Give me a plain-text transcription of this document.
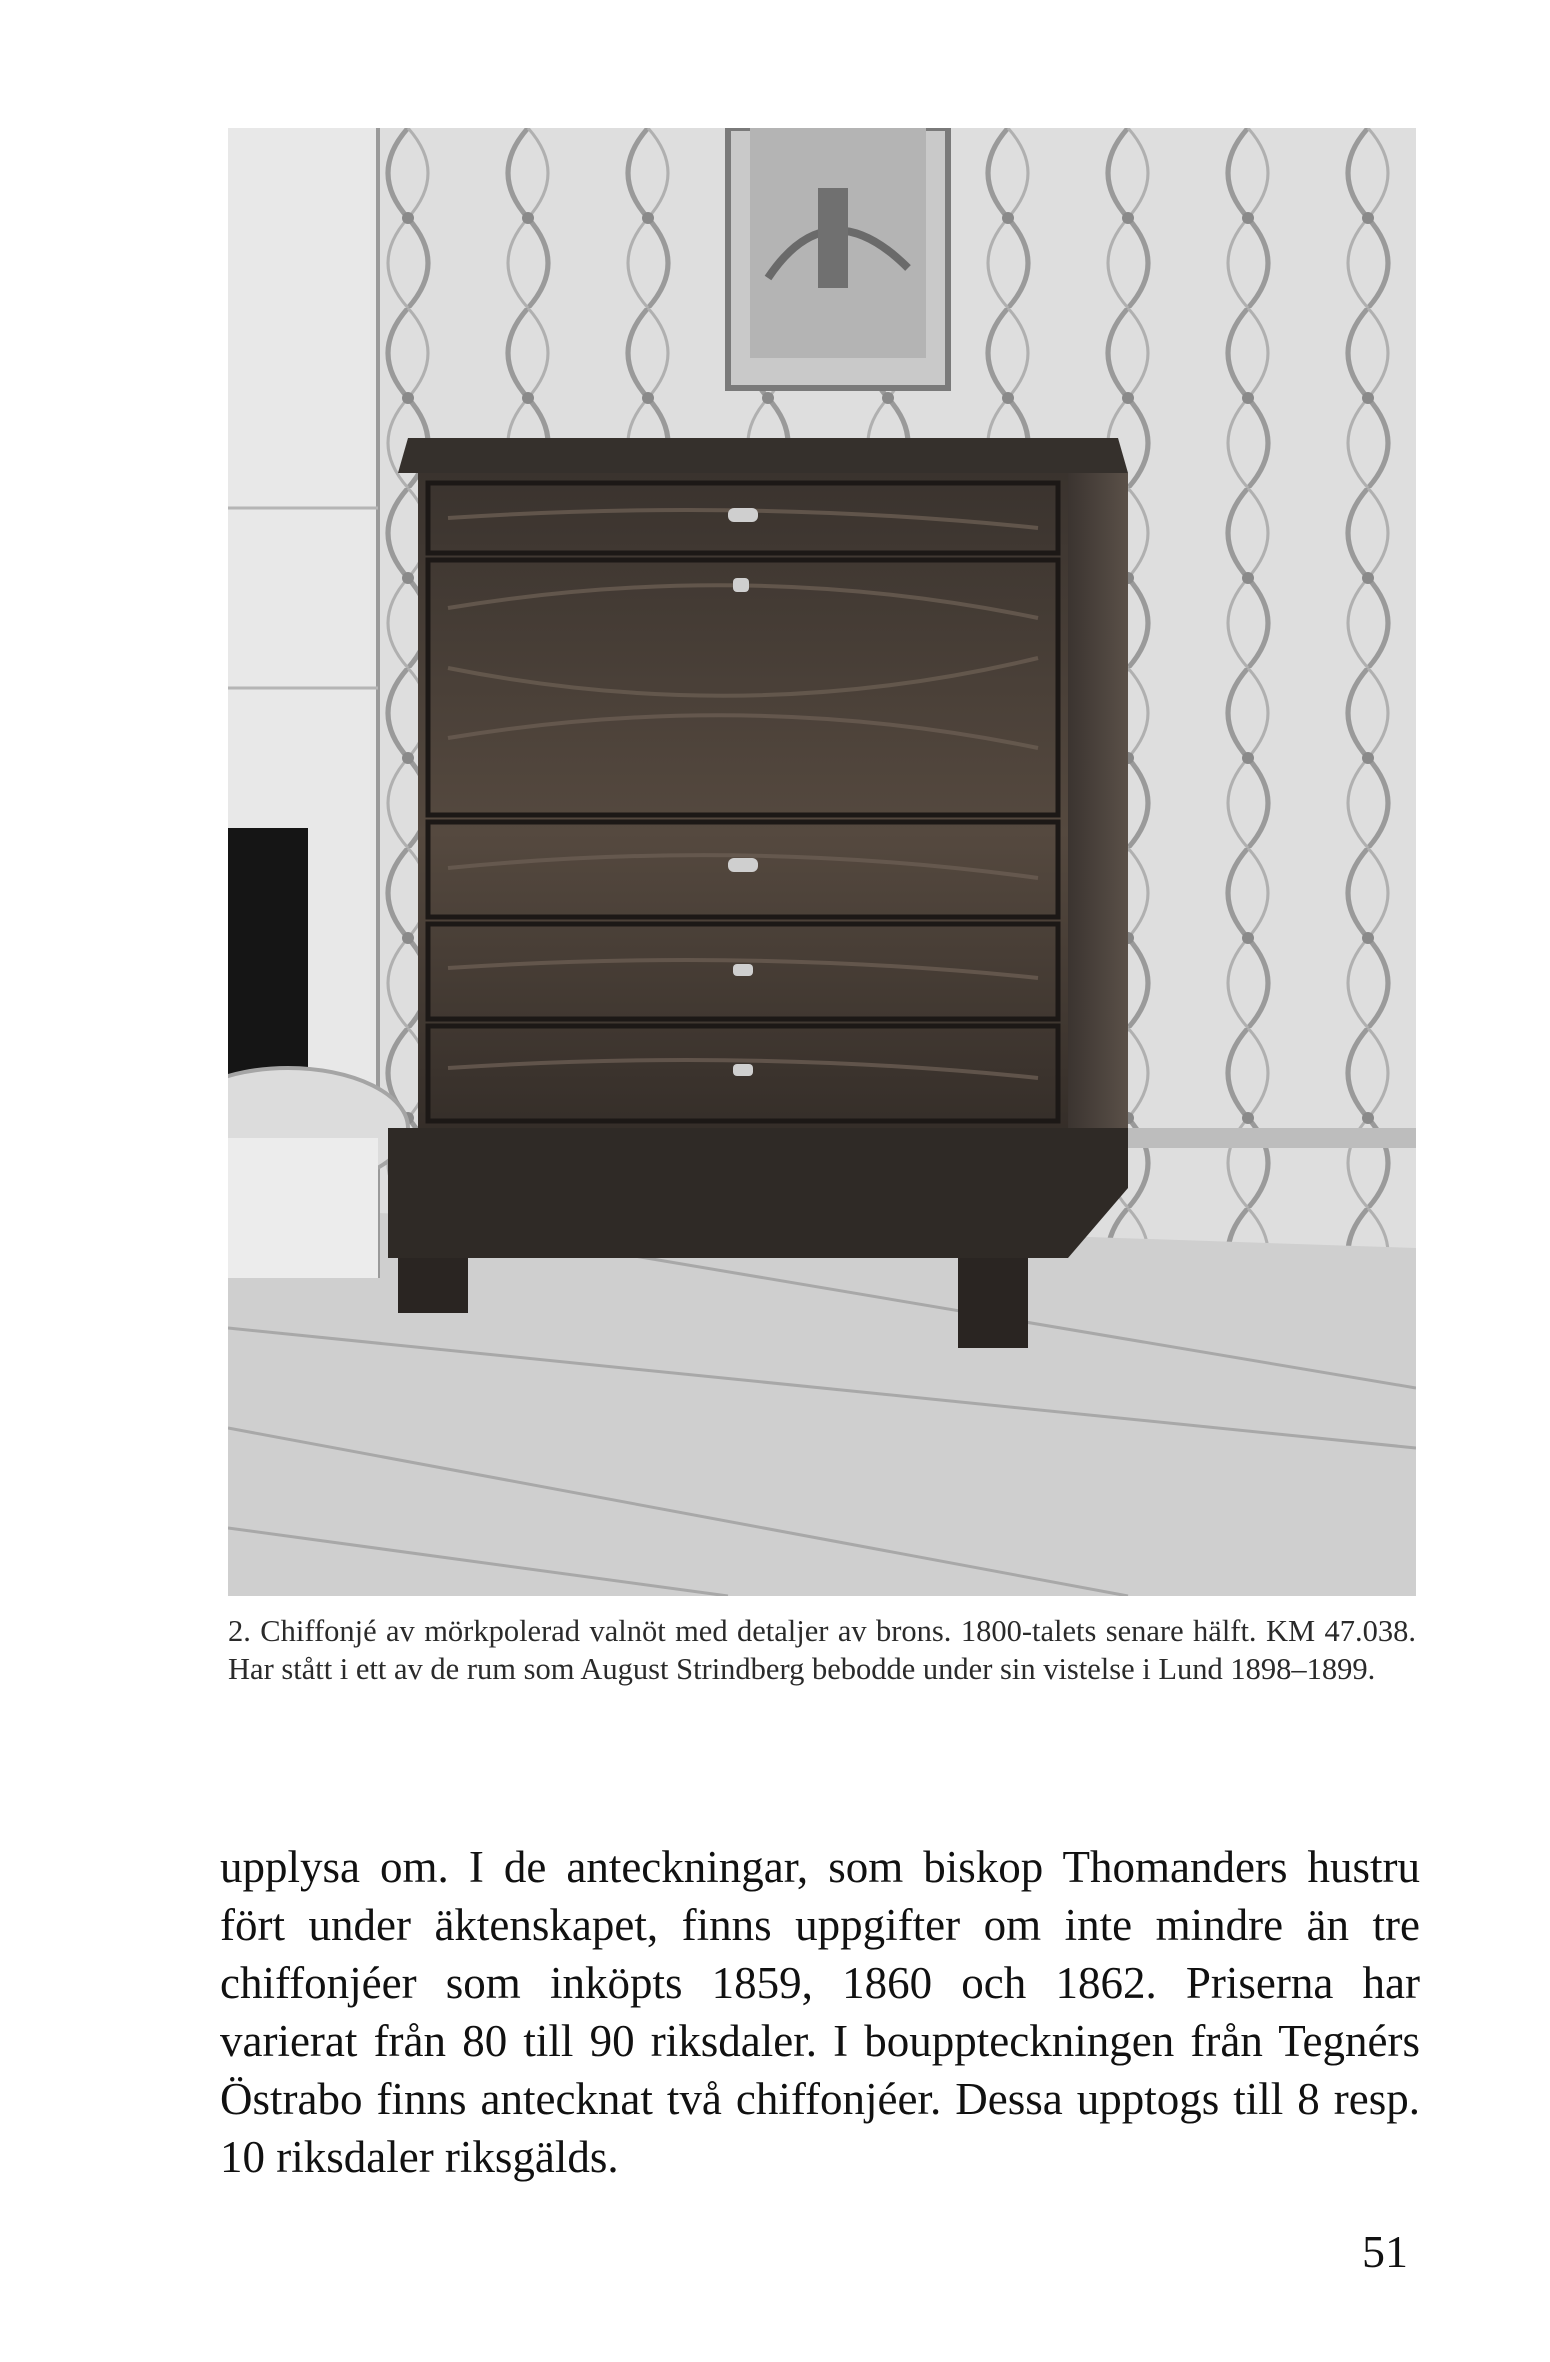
2. Chiffonjé av mörkpolerad valnöt med detaljer av brons. 1800-talets senare hälft. KM 47.038. Har stått i ett av de rum som August Strindberg bebodde under sin vistelse i Lund 1898–1899.

upplysa om. I de anteckningar, som biskop Thomanders hustru fört under äktenskapet, finns uppgifter om inte mindre än tre chiffonjéer som inköpts 1859, 1860 och 1862. Priserna har varierat från 80 till 90 riksdaler. I bouppteckningen från Tegnérs Östrabo finns antecknat två chiffonjéer. Dessa upptogs till 8 resp. 10 riksdaler riksgälds.

51
